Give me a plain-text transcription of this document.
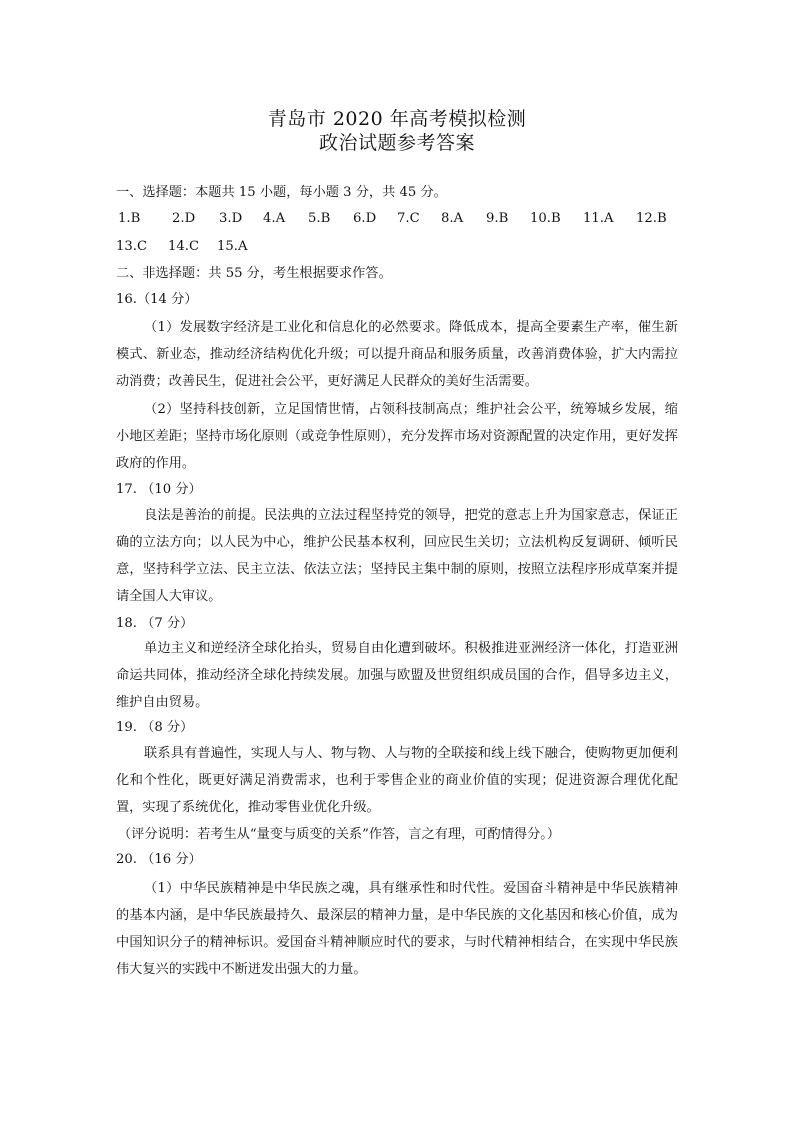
青岛市 2020 年高考模拟检测
政治试题参考答案
一、选择题：本题共 15 小题，每小题 3 分，共 45 分。
1.B 2.D 3.D 4.A 5.B 6.D 7.C 8.A 9.B 10.B 11.A 12.B
13.C 14.C 15.A
二、非选择题：共 55 分，考生根据要求作答。
16.（14 分）
（1）发展数字经济是工业化和信息化的必然要求。降低成本，提高全要素生产率，催生新模式、新业态，推动经济结构优化升级；可以提升商品和服务质量，改善消费体验，扩大内需拉动消费；改善民生，促进社会公平，更好满足人民群众的美好生活需要。
（2）坚持科技创新，立足国情世情，占领科技制高点；维护社会公平，统筹城乡发展，缩小地区差距；坚持市场化原则（或竞争性原则），充分发挥市场对资源配置的决定作用，更好发挥政府的作用。
17. （10 分）
良法是善治的前提。民法典的立法过程坚持党的领导，把党的意志上升为国家意志，保证正确的立法方向；以人民为中心，维护公民基本权利，回应民生关切；立法机构反复调研、倾听民意，坚持科学立法、民主立法、依法立法；坚持民主集中制的原则，按照立法程序形成草案并提请全国人大审议。
18. （7 分）
单边主义和逆经济全球化抬头，贸易自由化遭到破坏。积极推进亚洲经济一体化，打造亚洲命运共同体，推动经济全球化持续发展。加强与欧盟及世贸组织成员国的合作，倡导多边主义，维护自由贸易。
19. （8 分）
联系具有普遍性，实现人与人、物与物、人与物的全联接和线上线下融合，使购物更加便利化和个性化，既更好满足消费需求，也利于零售企业的商业价值的实现；促进资源合理优化配置，实现了系统优化，推动零售业优化升级。
（评分说明：若考生从“量变与质变的关系”作答，言之有理，可酌情得分。）
20. （16 分）
（1）中华民族精神是中华民族之魂，具有继承性和时代性。爱国奋斗精神是中华民族精神的基本内涵，是中华民族最持久、最深层的精神力量，是中华民族的文化基因和核心价值，成为中国知识分子的精神标识。爱国奋斗精神顺应时代的要求，与时代精神相结合，在实现中华民族伟大复兴的实践中不断迸发出强大的力量。
